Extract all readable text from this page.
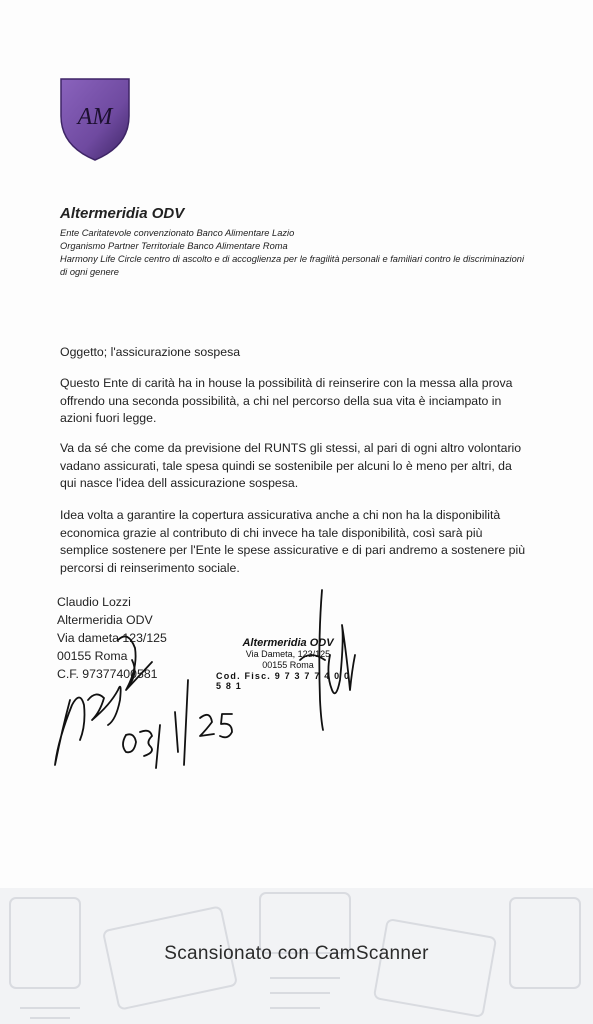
AM
Altermeridia ODV
Ente Caritatevole convenzionato Banco Alimentare Lazio
Organismo Partner Territoriale Banco Alimentare Roma
Harmony Life Circle centro di ascolto e di accoglienza per le fragilità personali e familiari contro le discriminazioni di ogni genere
Oggetto; l'assicurazione sospesa
Questo Ente di carità ha in house la possibilità di reinserire con la messa alla prova offrendo una seconda possibilità, a chi nel percorso della sua vita è inciampato in azioni fuori legge.
Va da sé che come da previsione del RUNTS gli stessi, al pari di ogni altro volontario vadano assicurati, tale spesa quindi se sostenibile per alcuni lo è meno per altri, da qui nasce l'idea dell assicurazione sospesa.
Idea volta a garantire la copertura assicurativa anche a chi non ha la disponibilità economica grazie al contributo di chi invece ha tale disponibilità, così sarà più semplice sostenere per l'Ente le spese assicurative e di pari andremo a sostenere più percorsi di reinserimento sociale.
Claudio Lozzi
Altermeridia ODV
Via dameta 123/125
00155 Roma
C.F. 97377400581
Altermeridia ODV
Via Dameta, 123/125
00155 Roma
Cod. Fisc. 9 7 3 7 7 4 0 0 5 8 1
Scansionato con CamScanner
